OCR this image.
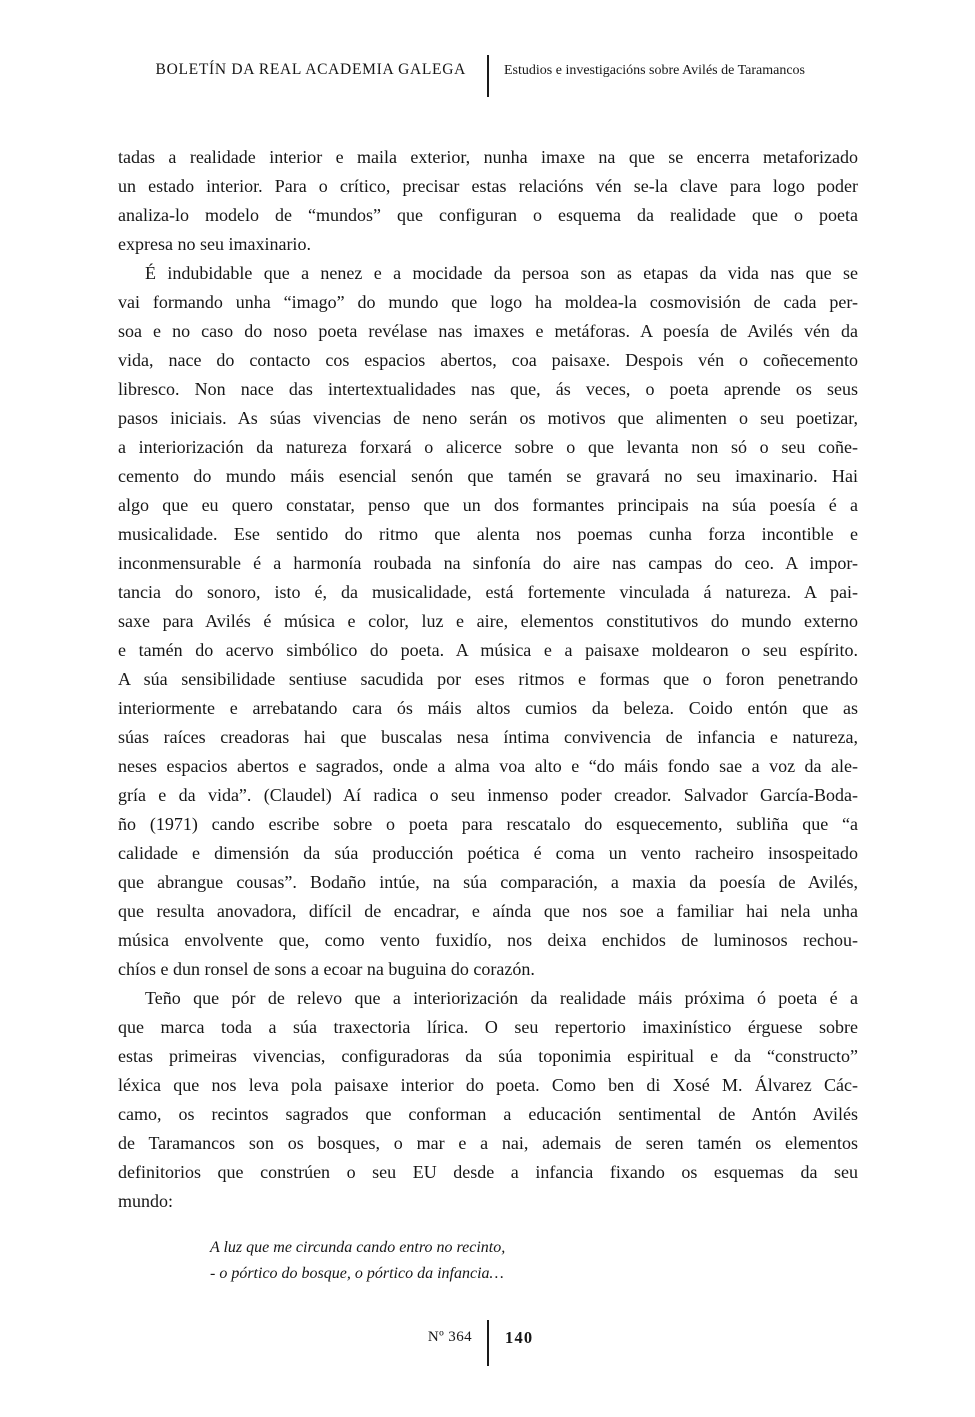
BOLETÍN DA REAL ACADEMIA GALEGA	Estudios e investigacións sobre Avilés de Taramancos
tadas a realidade interior e maila exterior, nunha imaxe na que se encerra metaforizado
un estado interior. Para o crítico, precisar estas relacións vén se-la clave para logo poder
analiza-lo modelo de “mundos” que configuran o esquema da realidade que o poeta
expresa no seu imaxinario.
É indubidable que a nenez e a mocidade da persoa son as etapas da vida nas que se
vai formando unha “imago” do mundo que logo ha moldea-la cosmovisión de cada per-
soa e no caso do noso poeta revélase nas imaxes e metáforas. A poesía de Avilés vén da
vida, nace do contacto cos espacios abertos, coa paisaxe. Despois vén o coñecemento
libresco. Non nace das intertextualidades nas que, ás veces, o poeta aprende os seus
pasos iniciais. As súas vivencias de neno serán os motivos que alimenten o seu poetizar,
a interiorización da natureza forxará o alicerce sobre o que levanta non só o seu coñe-
cemento do mundo máis esencial senón que tamén se gravará no seu imaxinario. Hai
algo que eu quero constatar, penso que un dos formantes principais na súa poesía é a
musicalidade. Ese sentido do ritmo que alenta nos poemas cunha forza incontible e
inconmensurable é a harmonía roubada na sinfonía do aire nas campas do ceo. A impor-
tancia do sonoro, isto é, da musicalidade, está fortemente vinculada á natureza. A pai-
saxe para Avilés é música e color, luz e aire, elementos constitutivos do mundo externo
e tamén do acervo simbólico do poeta. A música e a paisaxe moldearon o seu espírito.
A súa sensibilidade sentiuse sacudida por eses ritmos e formas que o foron penetrando
interiormente e arrebatando cara ós máis altos cumios da beleza. Coido entón que as
súas raíces creadoras hai que buscalas nesa íntima convivencia de infancia e natureza,
neses espacios abertos e sagrados, onde a alma voa alto e “do máis fondo sae a voz da ale-
gría e da vida”. (Claudel) Aí radica o seu inmenso poder creador. Salvador García-Boda-
ño (1971) cando escribe sobre o poeta para rescatalo do esquecemento, subliña que “a
calidade e dimensión da súa producción poética é coma un vento racheiro insospeitado
que abrangue cousas”. Bodaño intúe, na súa comparación, a maxia da poesía de Avilés,
que resulta anovadora, difícil de encadrar, e aínda que nos soe a familiar hai nela unha
música envolvente que, como vento fuxidío, nos deixa enchidos de luminosos rechou-
chíos e dun ronsel de sons a ecoar na buguina do corazón.
Teño que pór de relevo que a interiorización da realidade máis próxima ó poeta é a
que marca toda a súa traxectoria lírica. O seu repertorio imaxinístico érguese sobre
estas primeiras vivencias, configuradoras da súa toponimia espiritual e da “constructo”
léxica que nos leva pola paisaxe interior do poeta. Como ben di Xosé M. Álvarez Các-
camo, os recintos sagrados que conforman a educación sentimental de Antón Avilés
de Taramancos son os bosques, o mar e a nai, ademais de seren tamén os elementos
definitorios que constrúen o seu EU desde a infancia fixando os esquemas da seu
mundo:
A luz que me circunda cando entro no recinto,
- o pórtico do bosque, o pórtico da infancia…
Nº 364 140
